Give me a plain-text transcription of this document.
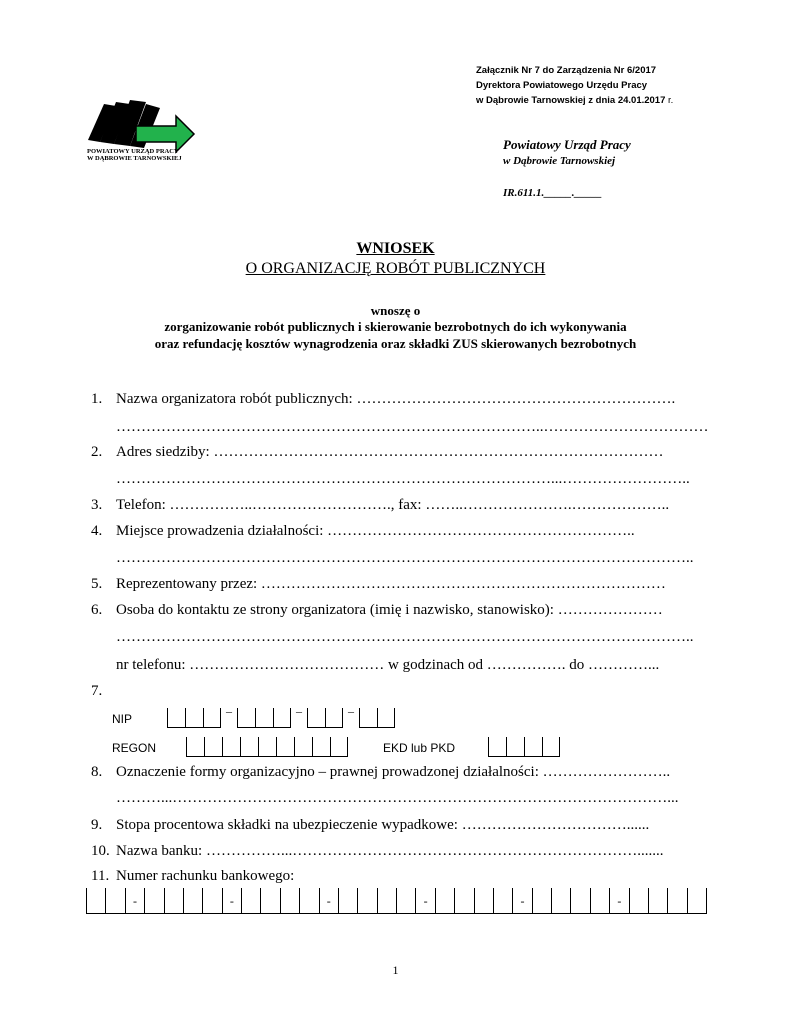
Załącznik Nr 7 do Zarządzenia Nr 6/2017
Dyrektora Powiatowego Urzędu Pracy
w Dąbrowie Tarnowskiej z dnia 24.01.2017 r.
POWIATOWY URZĄD PRACY
W DĄBROWIE TARNOWSKIEJ
Powiatowy Urząd Pracy
w Dąbrowie Tarnowskiej
IR.611.1._____._____
WNIOSEK
O ORGANIZACJĘ ROBÓT PUBLICZNYCH
wnoszę o
zorganizowanie robót publicznych i skierowanie bezrobotnych do ich wykonywania
oraz refundację kosztów wynagrodzenia oraz składki ZUS skierowanych bezrobotnych
1. Nazwa organizatora robót publicznych: ……………………………………………………….
…………………………………………………………………………..……………………………
2. Adres siedziby: ………………………………………………………………………………
……………………………………………………………………………...……………………..
3. Telefon: ……………..………………………., fax: ……..………………….………………..
4. Miejsce prowadzenia działalności: ……………………………………………………..
……………………………………………………………………………………………………..
5. Reprezentowany przez: ………………………………………………………………………
6. Osoba do kontaktu ze strony organizatora (imię i nazwisko, stanowisko): …………………
……………………………………………………………………………………………………..
nr telefonu: ………………………………… w godzinach od ……………. do …………...
7.
NIP
–	–	–
REGON	EKD lub PKD
8. Oznaczenie formy organizacyjno – prawnej prowadzonej działalności: ……………………..
………...………………………………………………………………………………………...
9. Stopa procentowa składki na ubezpieczenie wypadkowe: ……………………………......
10. Nazwa banku: ……………...…………………………………………………………….......
11. Numer rachunku bankowego:
-	-	-	-	-	-
1
